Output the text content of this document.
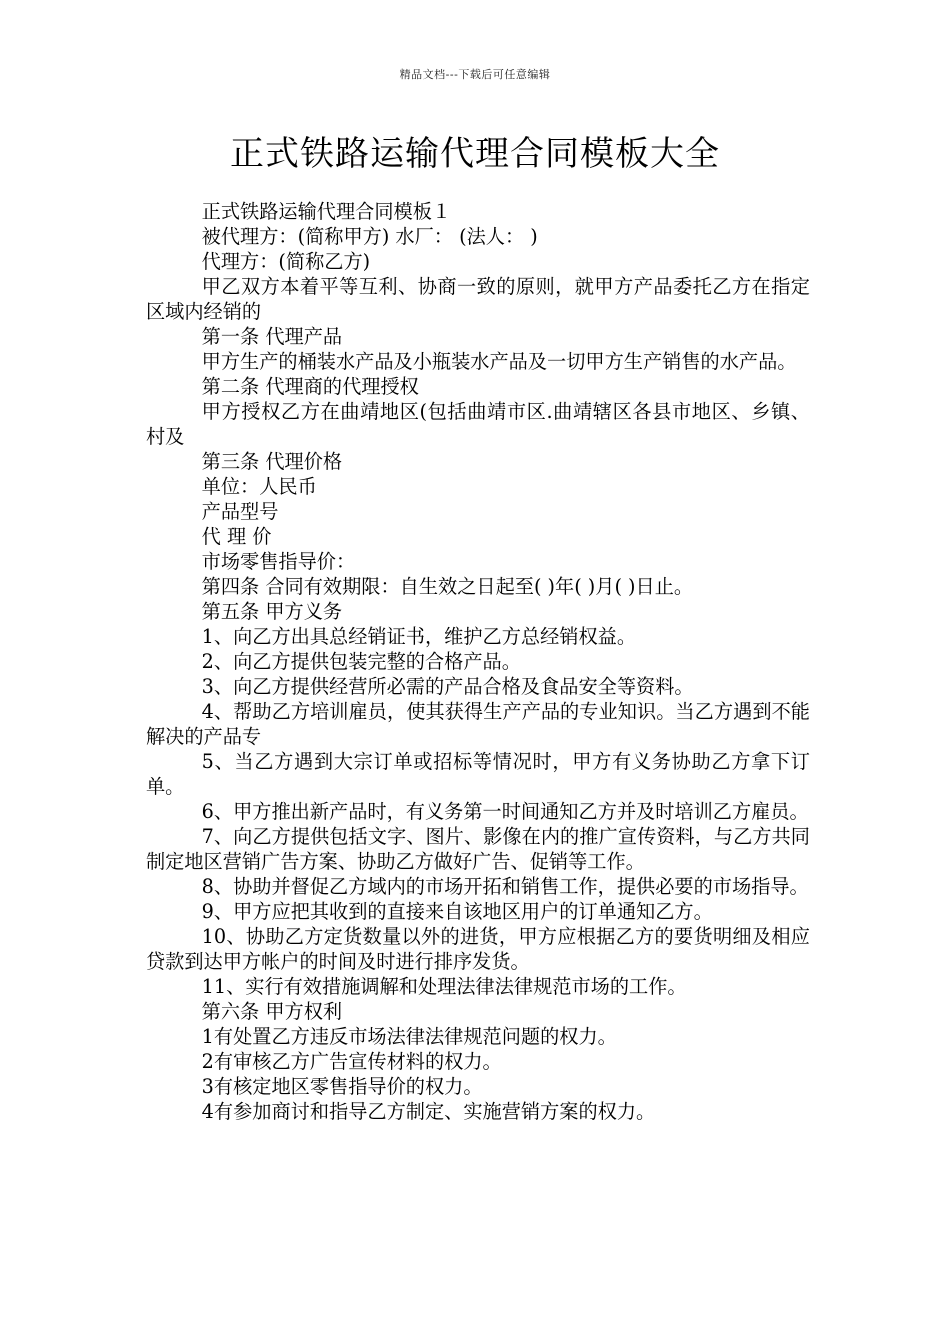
精品文档---下载后可任意编辑
正式铁路运输代理合同模板大全

正式铁路运输代理合同模板１

被代理方：(简称甲方) 水厂： (法人： )

代理方：(简称乙方)

甲乙双方本着平等互利、协商一致的原则，就甲方产品委托乙方在指定区域内经销的

第一条 代理产品

甲方生产的桶装水产品及小瓶装水产品及一切甲方生产销售的水产品。

第二条 代理商的代理授权

甲方授权乙方在曲靖地区(包括曲靖市区.曲靖辖区各县市地区、乡镇、村及

第三条 代理价格

单位：人民币

产品型号

代 理 价

市场零售指导价：

第四条 合同有效期限：自生效之日起至( )年( )月( )日止。

第五条 甲方义务

1、向乙方出具总经销证书，维护乙方总经销权益。

2、向乙方提供包装完整的合格产品。

3、向乙方提供经营所必需的产品合格及食品安全等资料。

4、帮助乙方培训雇员，使其获得生产产品的专业知识。当乙方遇到不能解决的产品专

5、当乙方遇到大宗订单或招标等情况时，甲方有义务协助乙方拿下订单。

6、甲方推出新产品时，有义务第一时间通知乙方并及时培训乙方雇员。

7、向乙方提供包括文字、图片、影像在内的推广宣传资料，与乙方共同制定地区营销广告方案、协助乙方做好广告、促销等工作。

8、协助并督促乙方域内的市场开拓和销售工作，提供必要的市场指导。

9、甲方应把其收到的直接来自该地区用户的订单通知乙方。

10、协助乙方定货数量以外的进货，甲方应根据乙方的要货明细及相应贷款到达甲方帐户的时间及时进行排序发货。

11、实行有效措施调解和处理法律法律规范市场的工作。

第六条 甲方权利

1有处置乙方违反市场法律法律规范问题的权力。

2有审核乙方广告宣传材料的权力。

3有核定地区零售指导价的权力。

4有参加商讨和指导乙方制定、实施营销方案的权力。
